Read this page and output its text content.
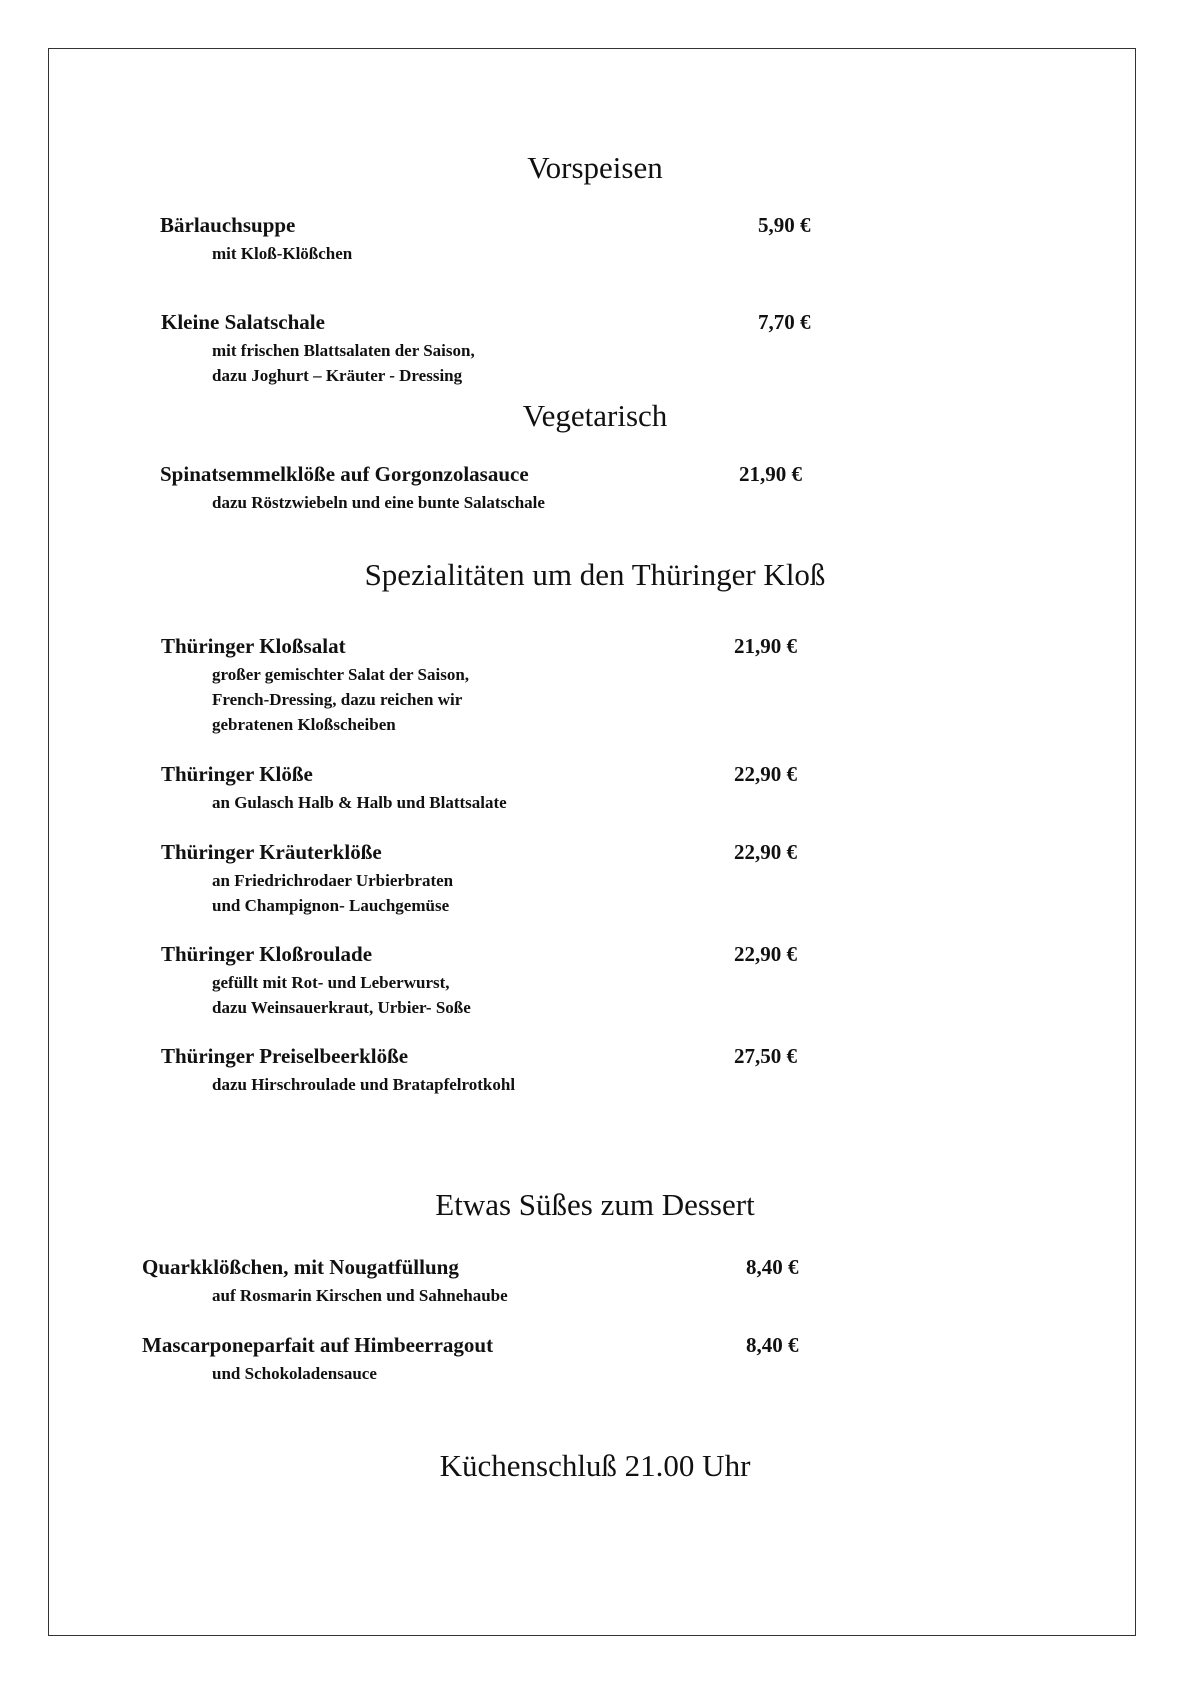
Vorspeisen
Bärlauchsuppe	5,90 €
mit Kloß-Klößchen
Kleine Salatschale	7,70 €
mit frischen Blattsalaten der Saison,
dazu Joghurt – Kräuter - Dressing
Vegetarisch
Spinatsemmelklöße auf Gorgonzolasauce	21,90 €
dazu Röstzwiebeln und eine bunte Salatschale
Spezialitäten um den Thüringer Kloß
Thüringer Kloßsalat	21,90 €
großer gemischter Salat der Saison,
French-Dressing, dazu reichen wir
gebratenen Kloßscheiben
Thüringer Klöße	22,90 €
an Gulasch Halb & Halb und Blattsalate
Thüringer Kräuterklöße	22,90 €
an Friedrichrodaer Urbierbraten
und Champignon- Lauchgemüse
Thüringer Kloßroulade	22,90 €
gefüllt mit Rot- und Leberwurst,
dazu Weinsauerkraut, Urbier- Soße
Thüringer Preiselbeerklöße	27,50 €
dazu Hirschroulade und Bratapfelrotkohl
Etwas Süßes zum Dessert
Quarkklößchen, mit Nougatfüllung	8,40 €
auf Rosmarin Kirschen und Sahnehaube
Mascarponeparfait auf Himbeerragout	8,40 €
und Schokoladensauce
Küchenschluß 21.00 Uhr
